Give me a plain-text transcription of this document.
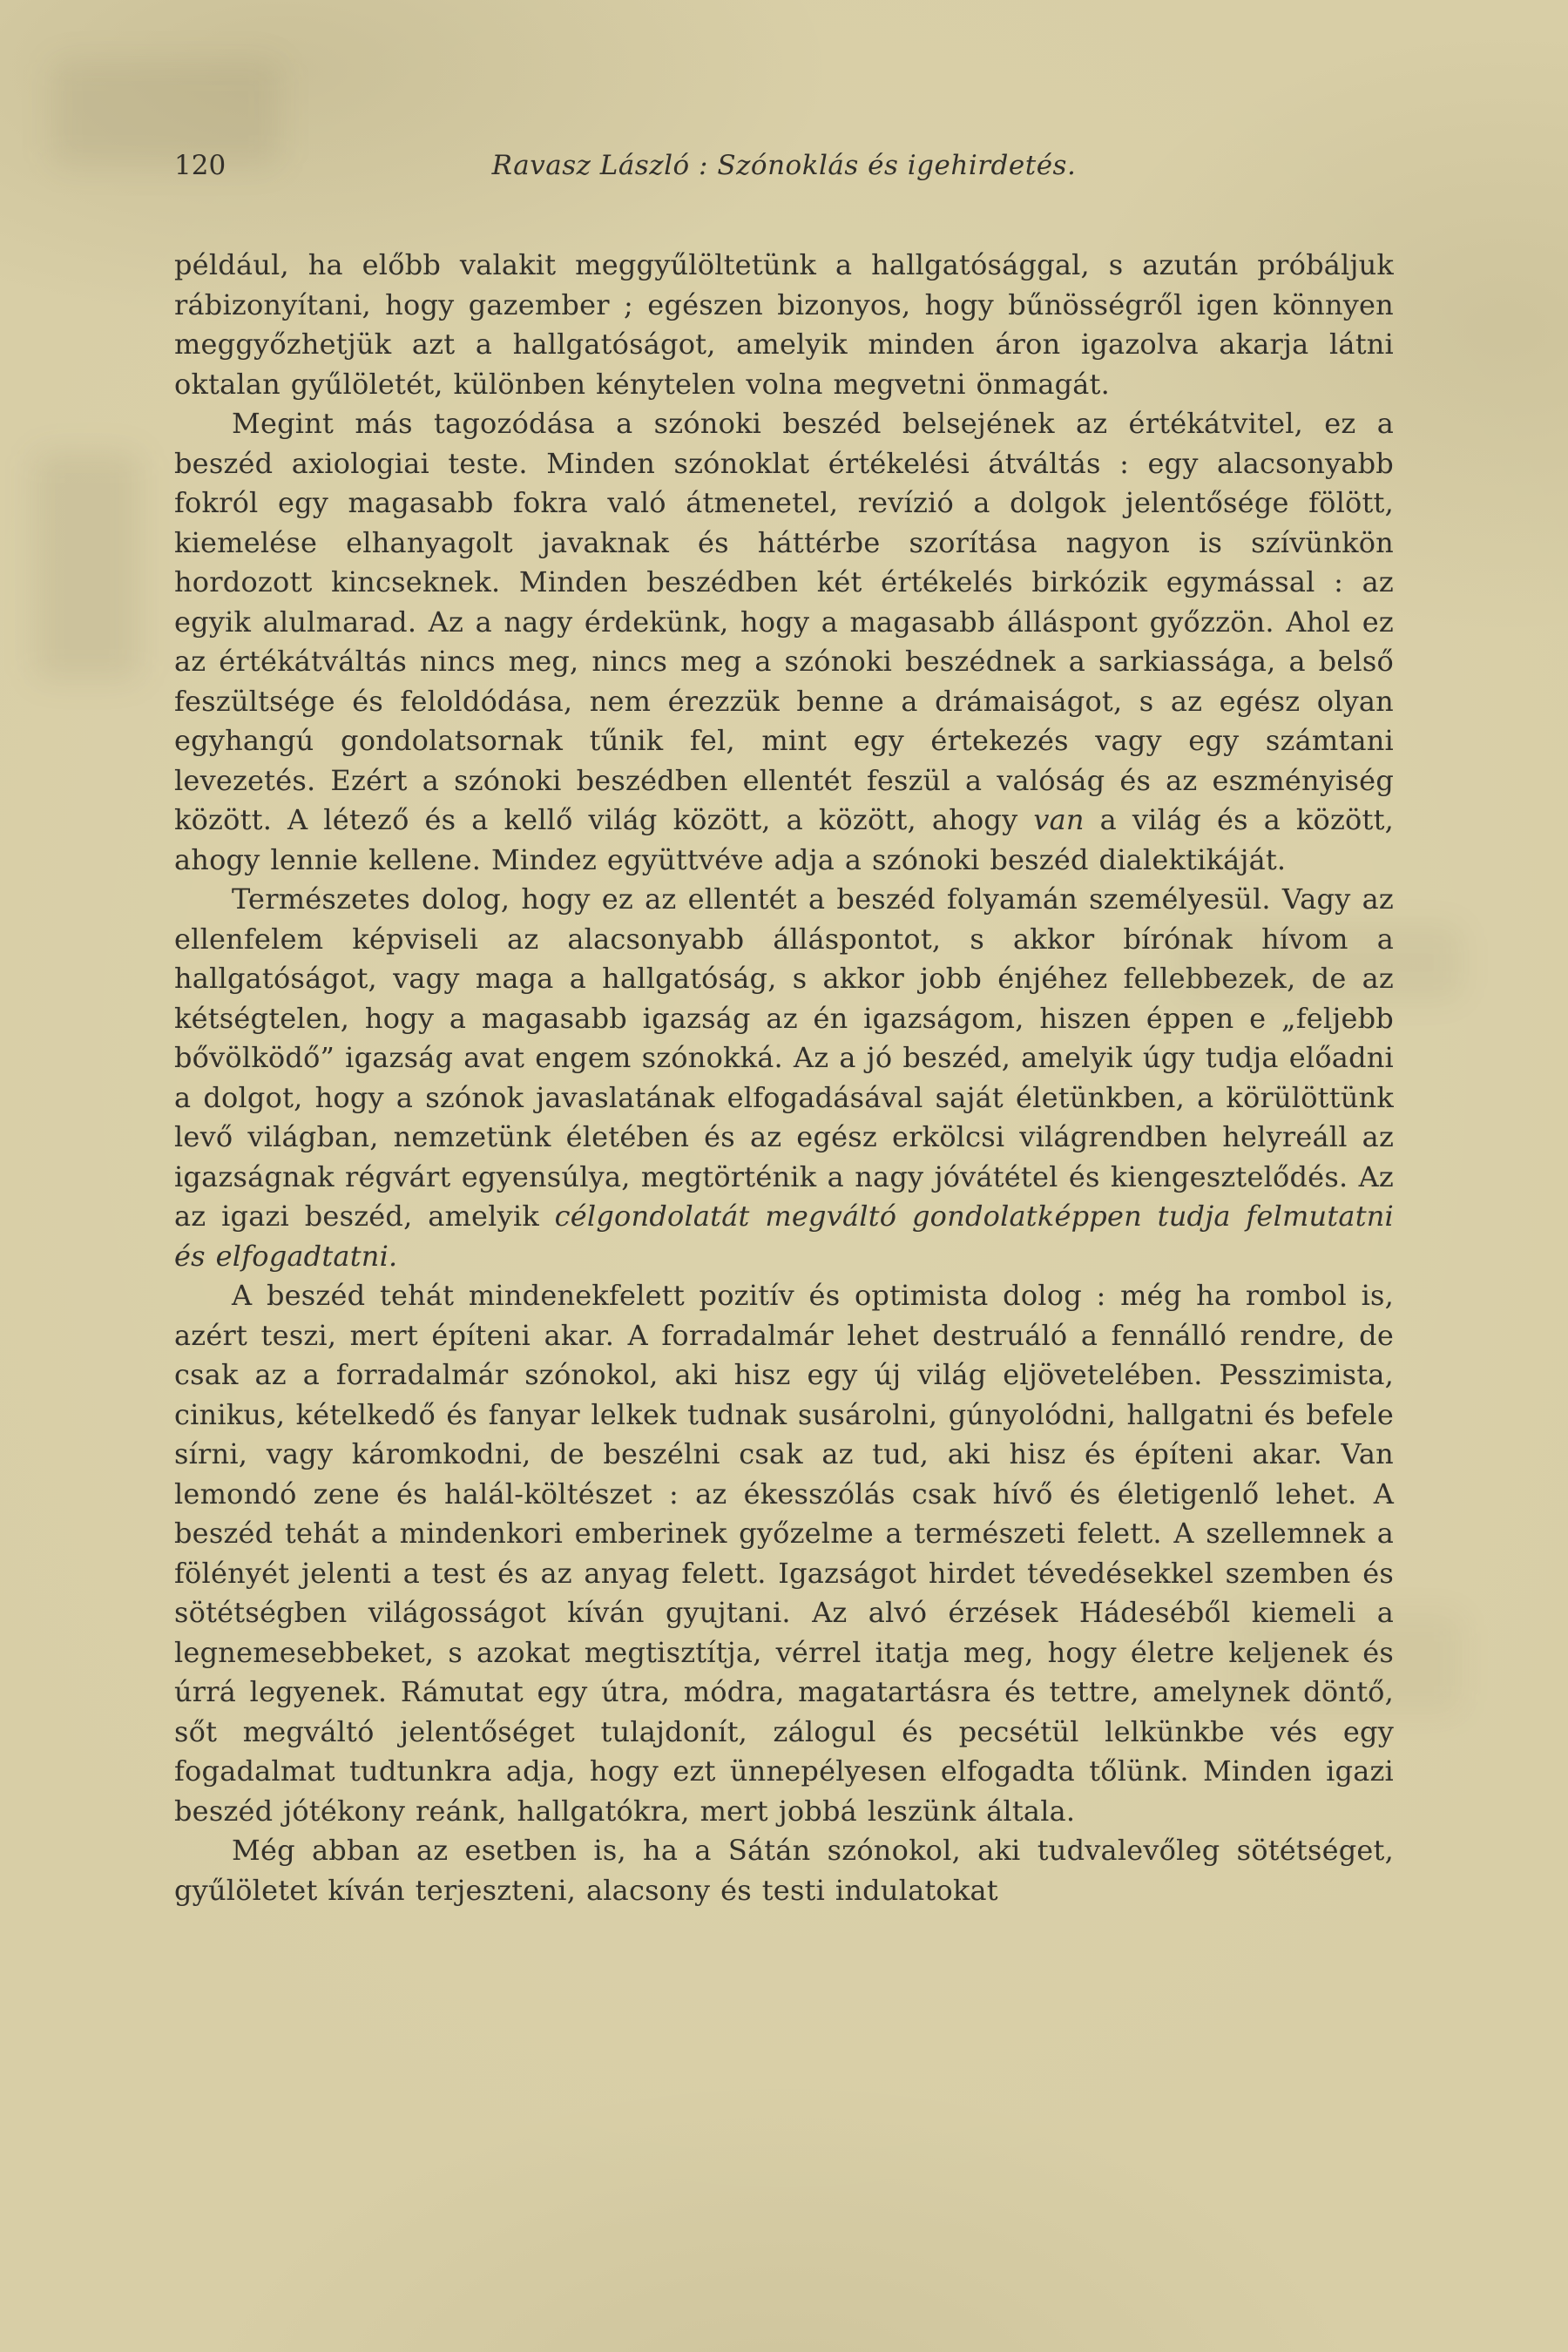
120	Ravasz László : Szónoklás és igehirdetés.

például, ha előbb valakit meggyűlöltetünk a hallgatósággal, s azután próbáljuk rábizonyítani, hogy gazember ; egészen bizonyos, hogy bűnösségről igen könnyen meggyőzhetjük azt a hallgatóságot, amelyik minden áron igazolva akarja látni oktalan gyűlöletét, különben kénytelen volna megvetni önmagát.

Megint más tagozódása a szónoki beszéd belsejének az értékátvitel, ez a beszéd axiologiai teste. Minden szónoklat értékelési átváltás : egy alacsonyabb fokról egy magasabb fokra való átmenetel, revízió a dolgok jelentősége fölött, kiemelése elhanyagolt javaknak és háttérbe szorítása nagyon is szívünkön hordozott kincseknek. Minden beszédben két értékelés birkózik egymással : az egyik alulmarad. Az a nagy érdekünk, hogy a magasabb álláspont győzzön. Ahol ez az értékátváltás nincs meg, nincs meg a szónoki beszédnek a sarkiassága, a belső feszültsége és feloldódása, nem érezzük benne a drámaiságot, s az egész olyan egyhangú gondolatsornak tűnik fel, mint egy értekezés vagy egy számtani levezetés. Ezért a szónoki beszédben ellentét feszül a valóság és az eszményiség között. A létező és a kellő világ között, a között, ahogy van a világ és a között, ahogy lennie kellene. Mindez együttvéve adja a szónoki beszéd dialektikáját.

Természetes dolog, hogy ez az ellentét a beszéd folyamán személyesül. Vagy az ellenfelem képviseli az alacsonyabb álláspontot, s akkor bírónak hívom a hallgatóságot, vagy maga a hallgatóság, s akkor jobb énjéhez fellebbezek, de az kétségtelen, hogy a magasabb igazság az én igazságom, hiszen éppen e „feljebb bővölködő” igazság avat engem szónokká. Az a jó beszéd, amelyik úgy tudja előadni a dolgot, hogy a szónok javaslatának elfogadásával saját életünkben, a körülöttünk levő világban, nemzetünk életében és az egész erkölcsi világrendben helyreáll az igazságnak régvárt egyensúlya, megtörténik a nagy jóvátétel és kiengesztelődés. Az az igazi beszéd, amelyik célgondolatát megváltó gondolatképpen tudja felmutatni és elfogadtatni.

A beszéd tehát mindenekfelett pozitív és optimista dolog : még ha rombol is, azért teszi, mert építeni akar. A forradalmár lehet destruáló a fennálló rendre, de csak az a forradalmár szónokol, aki hisz egy új világ eljövetelében. Pesszimista, cinikus, kételkedő és fanyar lelkek tudnak susárolni, gúnyolódni, hallgatni és befele sírni, vagy káromkodni, de beszélni csak az tud, aki hisz és építeni akar. Van lemondó zene és halál-költészet : az ékesszólás csak hívő és életigenlő lehet. A beszéd tehát a mindenkori emberinek győzelme a természeti felett. A szellemnek a fölényét jelenti a test és az anyag felett. Igazságot hirdet tévedésekkel szemben és sötétségben világosságot kíván gyujtani. Az alvó érzések Hádeséből kiemeli a legnemesebbeket, s azokat megtisztítja, vérrel itatja meg, hogy életre keljenek és úrrá legyenek. Rámutat egy útra, módra, magatartásra és tettre, amelynek döntő, sőt megváltó jelentőséget tulajdonít, zálogul és pecsétül lelkünkbe vés egy fogadalmat tudtunkra adja, hogy ezt ünnepélyesen elfogadta tőlünk. Minden igazi beszéd jótékony reánk, hallgatókra, mert jobbá leszünk általa.

Még abban az esetben is, ha a Sátán szónokol, aki tudvalevőleg sötétséget, gyűlöletet kíván terjeszteni, alacsony és testi indulatokat
